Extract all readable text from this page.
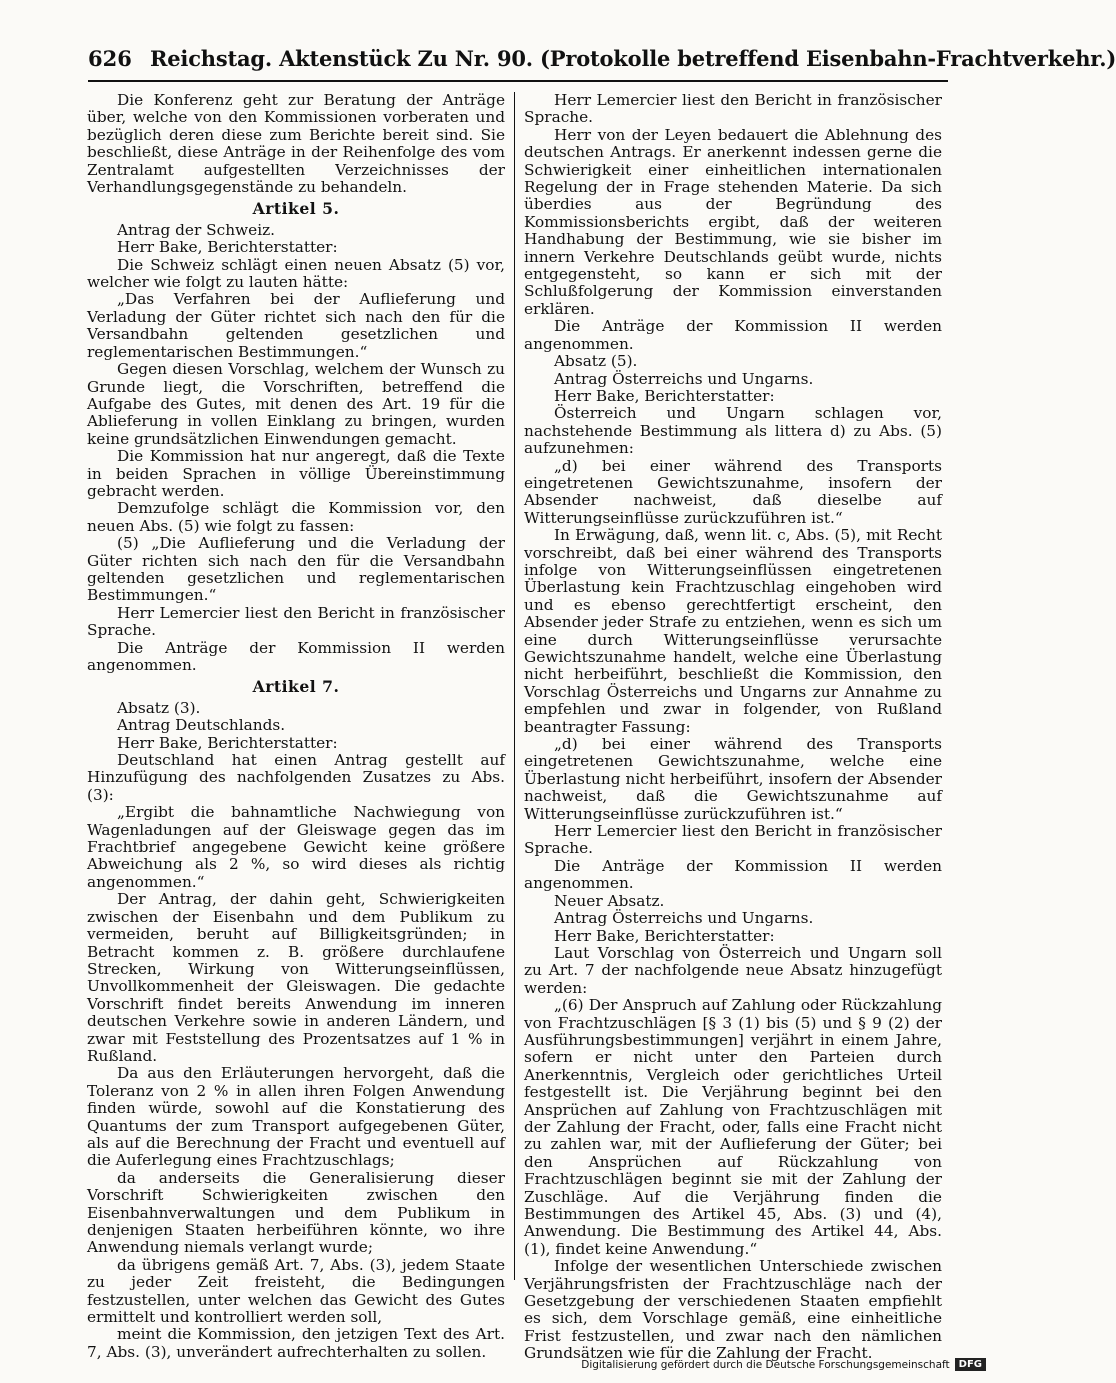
626 Reichstag. Aktenstück Zu Nr. 90. (Protokolle betreffend Eisenbahn-Frachtverkehr.)

Die Konferenz geht zur Beratung der Anträge über, welche von den Kommissionen vorberaten und bezüglich deren diese zum Berichte bereit sind. Sie beschließt, diese Anträge in der Reihenfolge des vom Zentralamt aufgestellten Verzeichnisses der Verhandlungsgegenstände zu behandeln.

Artikel 5.

Antrag der Schweiz.

Herr Bake, Berichterstatter:

Die Schweiz schlägt einen neuen Absatz (5) vor, welcher wie folgt zu lauten hätte:

„Das Verfahren bei der Auflieferung und Verladung der Güter richtet sich nach den für die Versandbahn geltenden gesetzlichen und reglementarischen Bestimmungen.“

Gegen diesen Vorschlag, welchem der Wunsch zu Grunde liegt, die Vorschriften, betreffend die Aufgabe des Gutes, mit denen des Art. 19 für die Ablieferung in vollen Einklang zu bringen, wurden keine grundsätzlichen Einwendungen gemacht.

Die Kommission hat nur angeregt, daß die Texte in beiden Sprachen in völlige Übereinstimmung gebracht werden.

Demzufolge schlägt die Kommission vor, den neuen Abs. (5) wie folgt zu fassen:

(5) „Die Auflieferung und die Verladung der Güter richten sich nach den für die Versandbahn geltenden gesetzlichen und reglementarischen Bestimmungen.“

Herr Lemercier liest den Bericht in französischer Sprache.

Die Anträge der Kommission II werden angenommen.

Artikel 7.

Absatz (3).

Antrag Deutschlands.

Herr Bake, Berichterstatter:

Deutschland hat einen Antrag gestellt auf Hinzufügung des nachfolgenden Zusatzes zu Abs. (3):

„Ergibt die bahnamtliche Nachwiegung von Wagenladungen auf der Gleiswage gegen das im Frachtbrief angegebene Gewicht keine größere Abweichung als 2 %, so wird dieses als richtig angenommen.“

Der Antrag, der dahin geht, Schwierigkeiten zwischen der Eisenbahn und dem Publikum zu vermeiden, beruht auf Billigkeitsgründen; in Betracht kommen z. B. größere durchlaufene Strecken, Wirkung von Witterungseinflüssen, Unvollkommenheit der Gleiswagen. Die gedachte Vorschrift findet bereits Anwendung im inneren deutschen Verkehre sowie in anderen Ländern, und zwar mit Feststellung des Prozentsatzes auf 1 % in Rußland.

Da aus den Erläuterungen hervorgeht, daß die Toleranz von 2 % in allen ihren Folgen Anwendung finden würde, sowohl auf die Konstatierung des Quantums der zum Transport aufgegebenen Güter, als auf die Berechnung der Fracht und eventuell auf die Auferlegung eines Frachtzuschlags;

da anderseits die Generalisierung dieser Vorschrift Schwierigkeiten zwischen den Eisenbahnverwaltungen und dem Publikum in denjenigen Staaten herbeiführen könnte, wo ihre Anwendung niemals verlangt wurde;

da übrigens gemäß Art. 7, Abs. (3), jedem Staate zu jeder Zeit freisteht, die Bedingungen festzustellen, unter welchen das Gewicht des Gutes ermittelt und kontrolliert werden soll,

meint die Kommission, den jetzigen Text des Art. 7, Abs. (3), unverändert aufrechterhalten zu sollen.

Herr Lemercier liest den Bericht in französischer Sprache.

Herr von der Leyen bedauert die Ablehnung des deutschen Antrags. Er anerkennt indessen gerne die Schwierigkeit einer einheitlichen internationalen Regelung der in Frage stehenden Materie. Da sich überdies aus der Begründung des Kommissionsberichts ergibt, daß der weiteren Handhabung der Bestimmung, wie sie bisher im innern Verkehre Deutschlands geübt wurde, nichts entgegensteht, so kann er sich mit der Schlußfolgerung der Kommission einverstanden erklären.

Die Anträge der Kommission II werden angenommen.

Absatz (5).

Antrag Österreichs und Ungarns.

Herr Bake, Berichterstatter:

Österreich und Ungarn schlagen vor, nachstehende Bestimmung als littera d) zu Abs. (5) aufzunehmen:

„d) bei einer während des Transports eingetretenen Gewichtszunahme, insofern der Absender nachweist, daß dieselbe auf Witterungseinflüsse zurückzuführen ist.“

In Erwägung, daß, wenn lit. c, Abs. (5), mit Recht vorschreibt, daß bei einer während des Transports infolge von Witterungseinflüssen eingetretenen Überlastung kein Frachtzuschlag eingehoben wird und es ebenso gerechtfertigt erscheint, den Absender jeder Strafe zu entziehen, wenn es sich um eine durch Witterungseinflüsse verursachte Gewichtszunahme handelt, welche eine Überlastung nicht herbeiführt, beschließt die Kommission, den Vorschlag Österreichs und Ungarns zur Annahme zu empfehlen und zwar in folgender, von Rußland beantragter Fassung:

„d) bei einer während des Transports eingetretenen Gewichtszunahme, welche eine Überlastung nicht herbeiführt, insofern der Absender nachweist, daß die Gewichtszunahme auf Witterungseinflüsse zurückzuführen ist.“

Herr Lemercier liest den Bericht in französischer Sprache.

Die Anträge der Kommission II werden angenommen.

Neuer Absatz.

Antrag Österreichs und Ungarns.

Herr Bake, Berichterstatter:

Laut Vorschlag von Österreich und Ungarn soll zu Art. 7 der nachfolgende neue Absatz hinzugefügt werden:

„(6) Der Anspruch auf Zahlung oder Rückzahlung von Frachtzuschlägen [§ 3 (1) bis (5) und § 9 (2) der Ausführungsbestimmungen] verjährt in einem Jahre, sofern er nicht unter den Parteien durch Anerkenntnis, Vergleich oder gerichtliches Urteil festgestellt ist. Die Verjährung beginnt bei den Ansprüchen auf Zahlung von Frachtzuschlägen mit der Zahlung der Fracht, oder, falls eine Fracht nicht zu zahlen war, mit der Auflieferung der Güter; bei den Ansprüchen auf Rückzahlung von Frachtzuschlägen beginnt sie mit der Zahlung der Zuschläge. Auf die Verjährung finden die Bestimmungen des Artikel 45, Abs. (3) und (4), Anwendung. Die Bestimmung des Artikel 44, Abs. (1), findet keine Anwendung.“

Infolge der wesentlichen Unterschiede zwischen Verjährungsfristen der Frachtzuschläge nach der Gesetzgebung der verschiedenen Staaten empfiehlt es sich, dem Vorschlage gemäß, eine einheitliche Frist festzustellen, und zwar nach den nämlichen Grundsätzen wie für die Zahlung der Fracht.

Digitalisierung gefördert durch die Deutsche Forschungsgemeinschaft DFG
